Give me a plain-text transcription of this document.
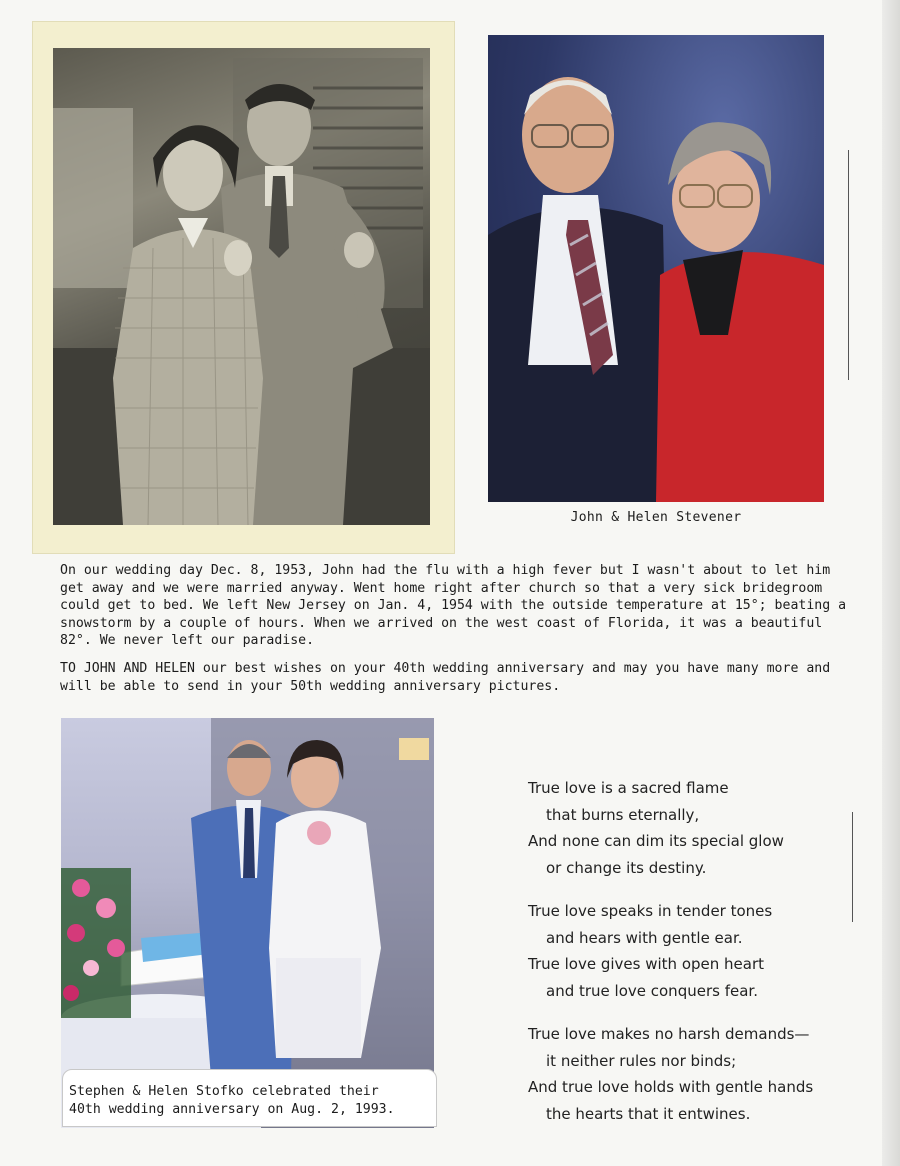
John & Helen Stevener

On our wedding day Dec. 8, 1953, John had the flu with a high fever but I wasn't about to let him get away and we were married anyway. Went home right after church so that a very sick bridegroom could get to bed. We left New Jersey on Jan. 4, 1954 with the outside temperature at 15°; beating a snowstorm by a couple of hours. When we arrived on the west coast of Florida, it was a beautiful 82°. We never left our paradise.

TO JOHN AND HELEN our best wishes on your 40th wedding anniversary and may you have many more and will be able to send in your 50th wedding anniversary pictures.

Stephen & Helen Stofko celebrated their
40th wedding anniversary on Aug. 2, 1993.
True love is a sacred flame
that burns eternally,
And none can dim its special glow
or change its destiny.
True love speaks in tender tones
and hears with gentle ear.
True love gives with open heart
and true love conquers fear.
True love makes no harsh demands—
it neither rules nor binds;
And true love holds with gentle hands
the hearts that it entwines.
